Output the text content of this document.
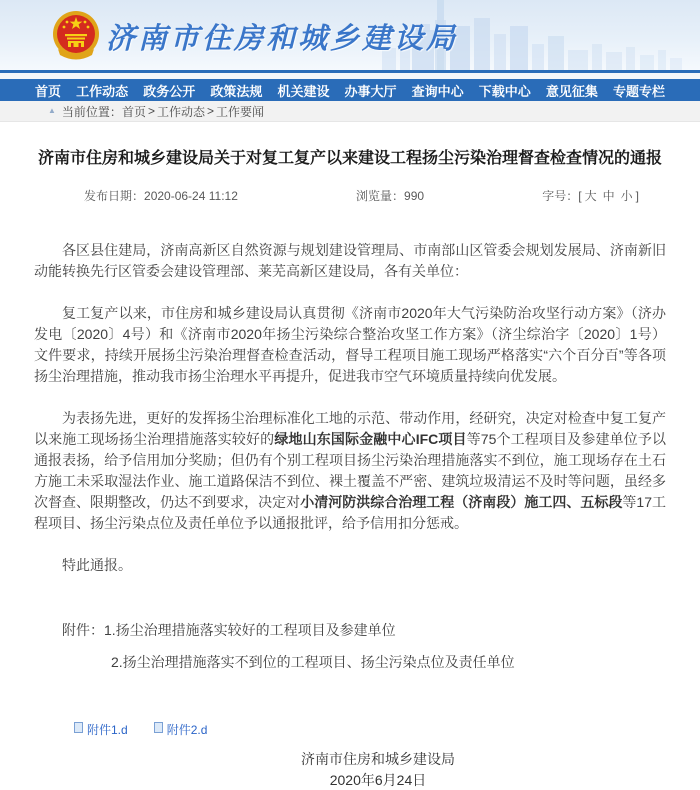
济南市住房和城乡建设局
首页 工作动态 政务公开 政策法规 机关建设 办事大厅 查询中心 下载中心 意见征集 专题专栏
▲ 当前位置： 首页 > 工作动态 > 工作要闻
济南市住房和城乡建设局关于对复工复产以来建设工程扬尘污染治理督查检查情况的通报
发布日期：2020-06-24 11:12	浏览量：990	字号：[ 大 中 小 ]

各区县住建局，济南高新区自然资源与规划建设管理局、市南部山区管委会规划发展局、济南新旧动能转换先行区管委会建设管理部、莱芜高新区建设局，各有关单位：

复工复产以来，市住房和城乡建设局认真贯彻《济南市2020年大气污染防治攻坚行动方案》（济办发电〔2020〕4号）和《济南市2020年扬尘污染综合整治攻坚工作方案》（济尘综治字〔2020〕1号）文件要求，持续开展扬尘污染治理督查检查活动，督导工程项目施工现场严格落实“六个百分百”等各项扬尘治理措施，推动我市扬尘治理水平再提升，促进我市空气环境质量持续向优发展。

为表扬先进，更好的发挥扬尘治理标准化工地的示范、带动作用，经研究，决定对检查中复工复产以来施工现场扬尘治理措施落实较好的绿地山东国际金融中心IFC项目等75个工程项目及参建单位予以通报表扬，给予信用加分奖励；但仍有个别工程项目扬尘污染治理措施落实不到位，施工现场存在土石方施工未采取湿法作业、施工道路保洁不到位、裸土覆盖不严密、建筑垃圾清运不及时等问题，虽经多次督查、限期整改，仍达不到要求，决定对小清河防洪综合治理工程（济南段）施工四、五标段等17工程项目、扬尘污染点位及责任单位予以通报批评，给予信用扣分惩戒。

特此通报。

附件：1.扬尘治理措施落实较好的工程项目及参建单位
2.扬尘治理措施落实不到位的工程项目、扬尘污染点位及责任单位
济南市住房和城乡建设局
2020年6月24日
附件1.d	附件2.d
